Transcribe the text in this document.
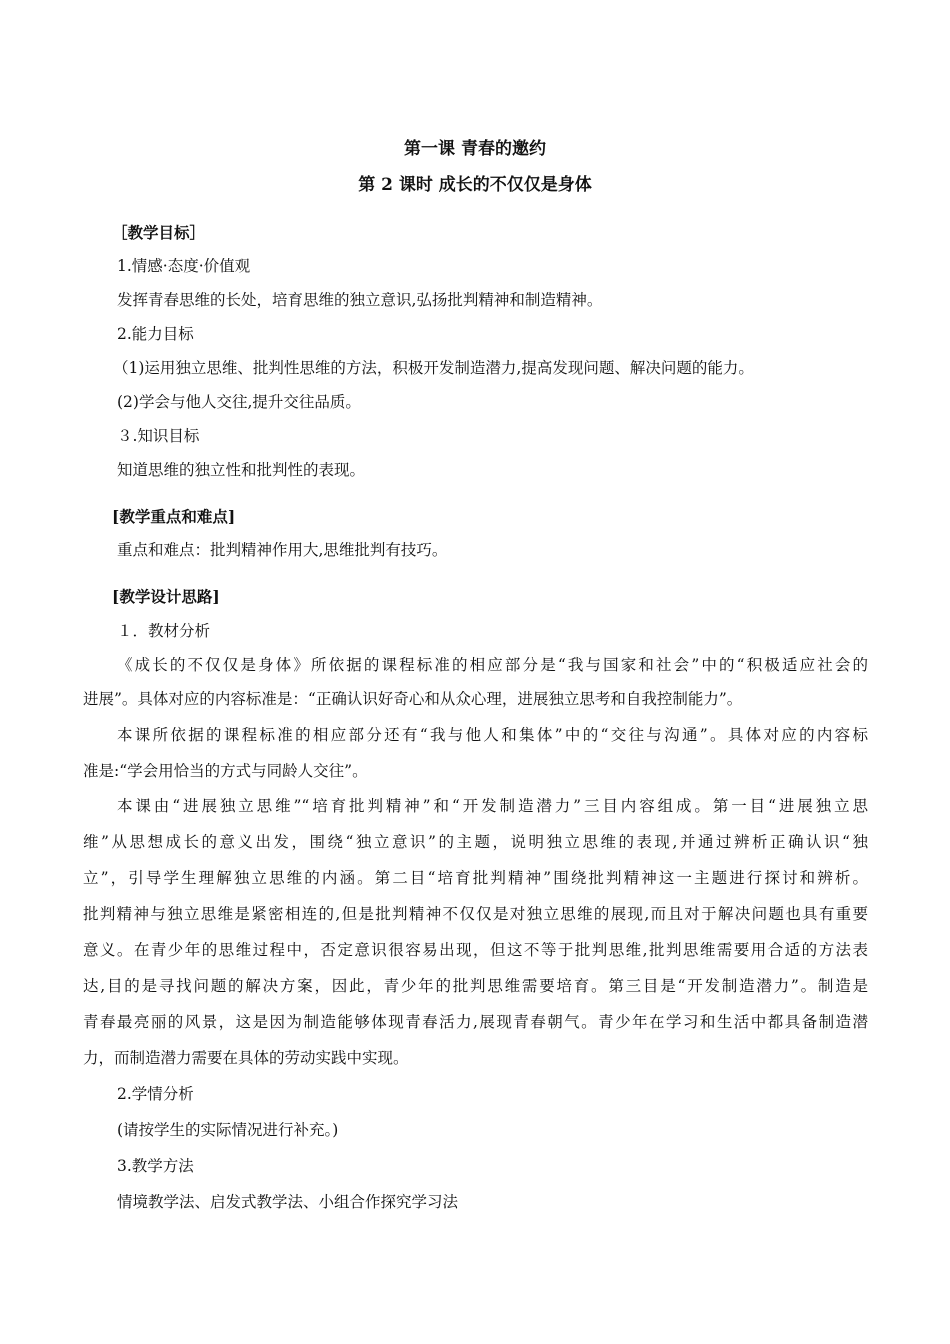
第一课 青春的邀约
第 2 课时 成长的不仅仅是身体
［教学目标］
1.情感·态度·价值观
发挥青春思维的长处，培育思维的独立意识,弘扬批判精神和制造精神。
2.能力目标
（1)运用独立思维、批判性思维的方法，积极开发制造潜力,提高发现问题、解决问题的能力。
(2)学会与他人交往,提升交往品质。
３.知识目标
知道思维的独立性和批判性的表现。
[教学重点和难点]
重点和难点：批判精神作用大,思维批判有技巧。
[教学设计思路]
１．教材分析
《成长的不仅仅是身体》所依据的课程标准的相应部分是“我与国家和社会”中的“积极适应社会的
进展”。具体对应的内容标准是：“正确认识好奇心和从众心理，进展独立思考和自我控制能力”。
本课所依据的课程标准的相应部分还有“我与他人和集体”中的“交往与沟通”。具体对应的内容标
准是:“学会用恰当的方式与同龄人交往”。
本课由“进展独立思维”“培育批判精神”和“开发制造潜力”三目内容组成。第一目“进展独立思
维”从思想成长的意义出发，围绕“独立意识”的主题，说明独立思维的表现,并通过辨析正确认识“独
立”，引导学生理解独立思维的内涵。第二目“培育批判精神”围绕批判精神这一主题进行探讨和辨析。
批判精神与独立思维是紧密相连的,但是批判精神不仅仅是对独立思维的展现,而且对于解决问题也具有重要
意义。在青少年的思维过程中，否定意识很容易出现，但这不等于批判思维,批判思维需要用合适的方法表
达,目的是寻找问题的解决方案，因此，青少年的批判思维需要培育。第三目是“开发制造潜力”。制造是
青春最亮丽的风景，这是因为制造能够体现青春活力,展现青春朝气。青少年在学习和生活中都具备制造潜
力，而制造潜力需要在具体的劳动实践中实现。
2.学情分析
(请按学生的实际情况进行补充。)
3.教学方法
情境教学法、启发式教学法、小组合作探究学习法
